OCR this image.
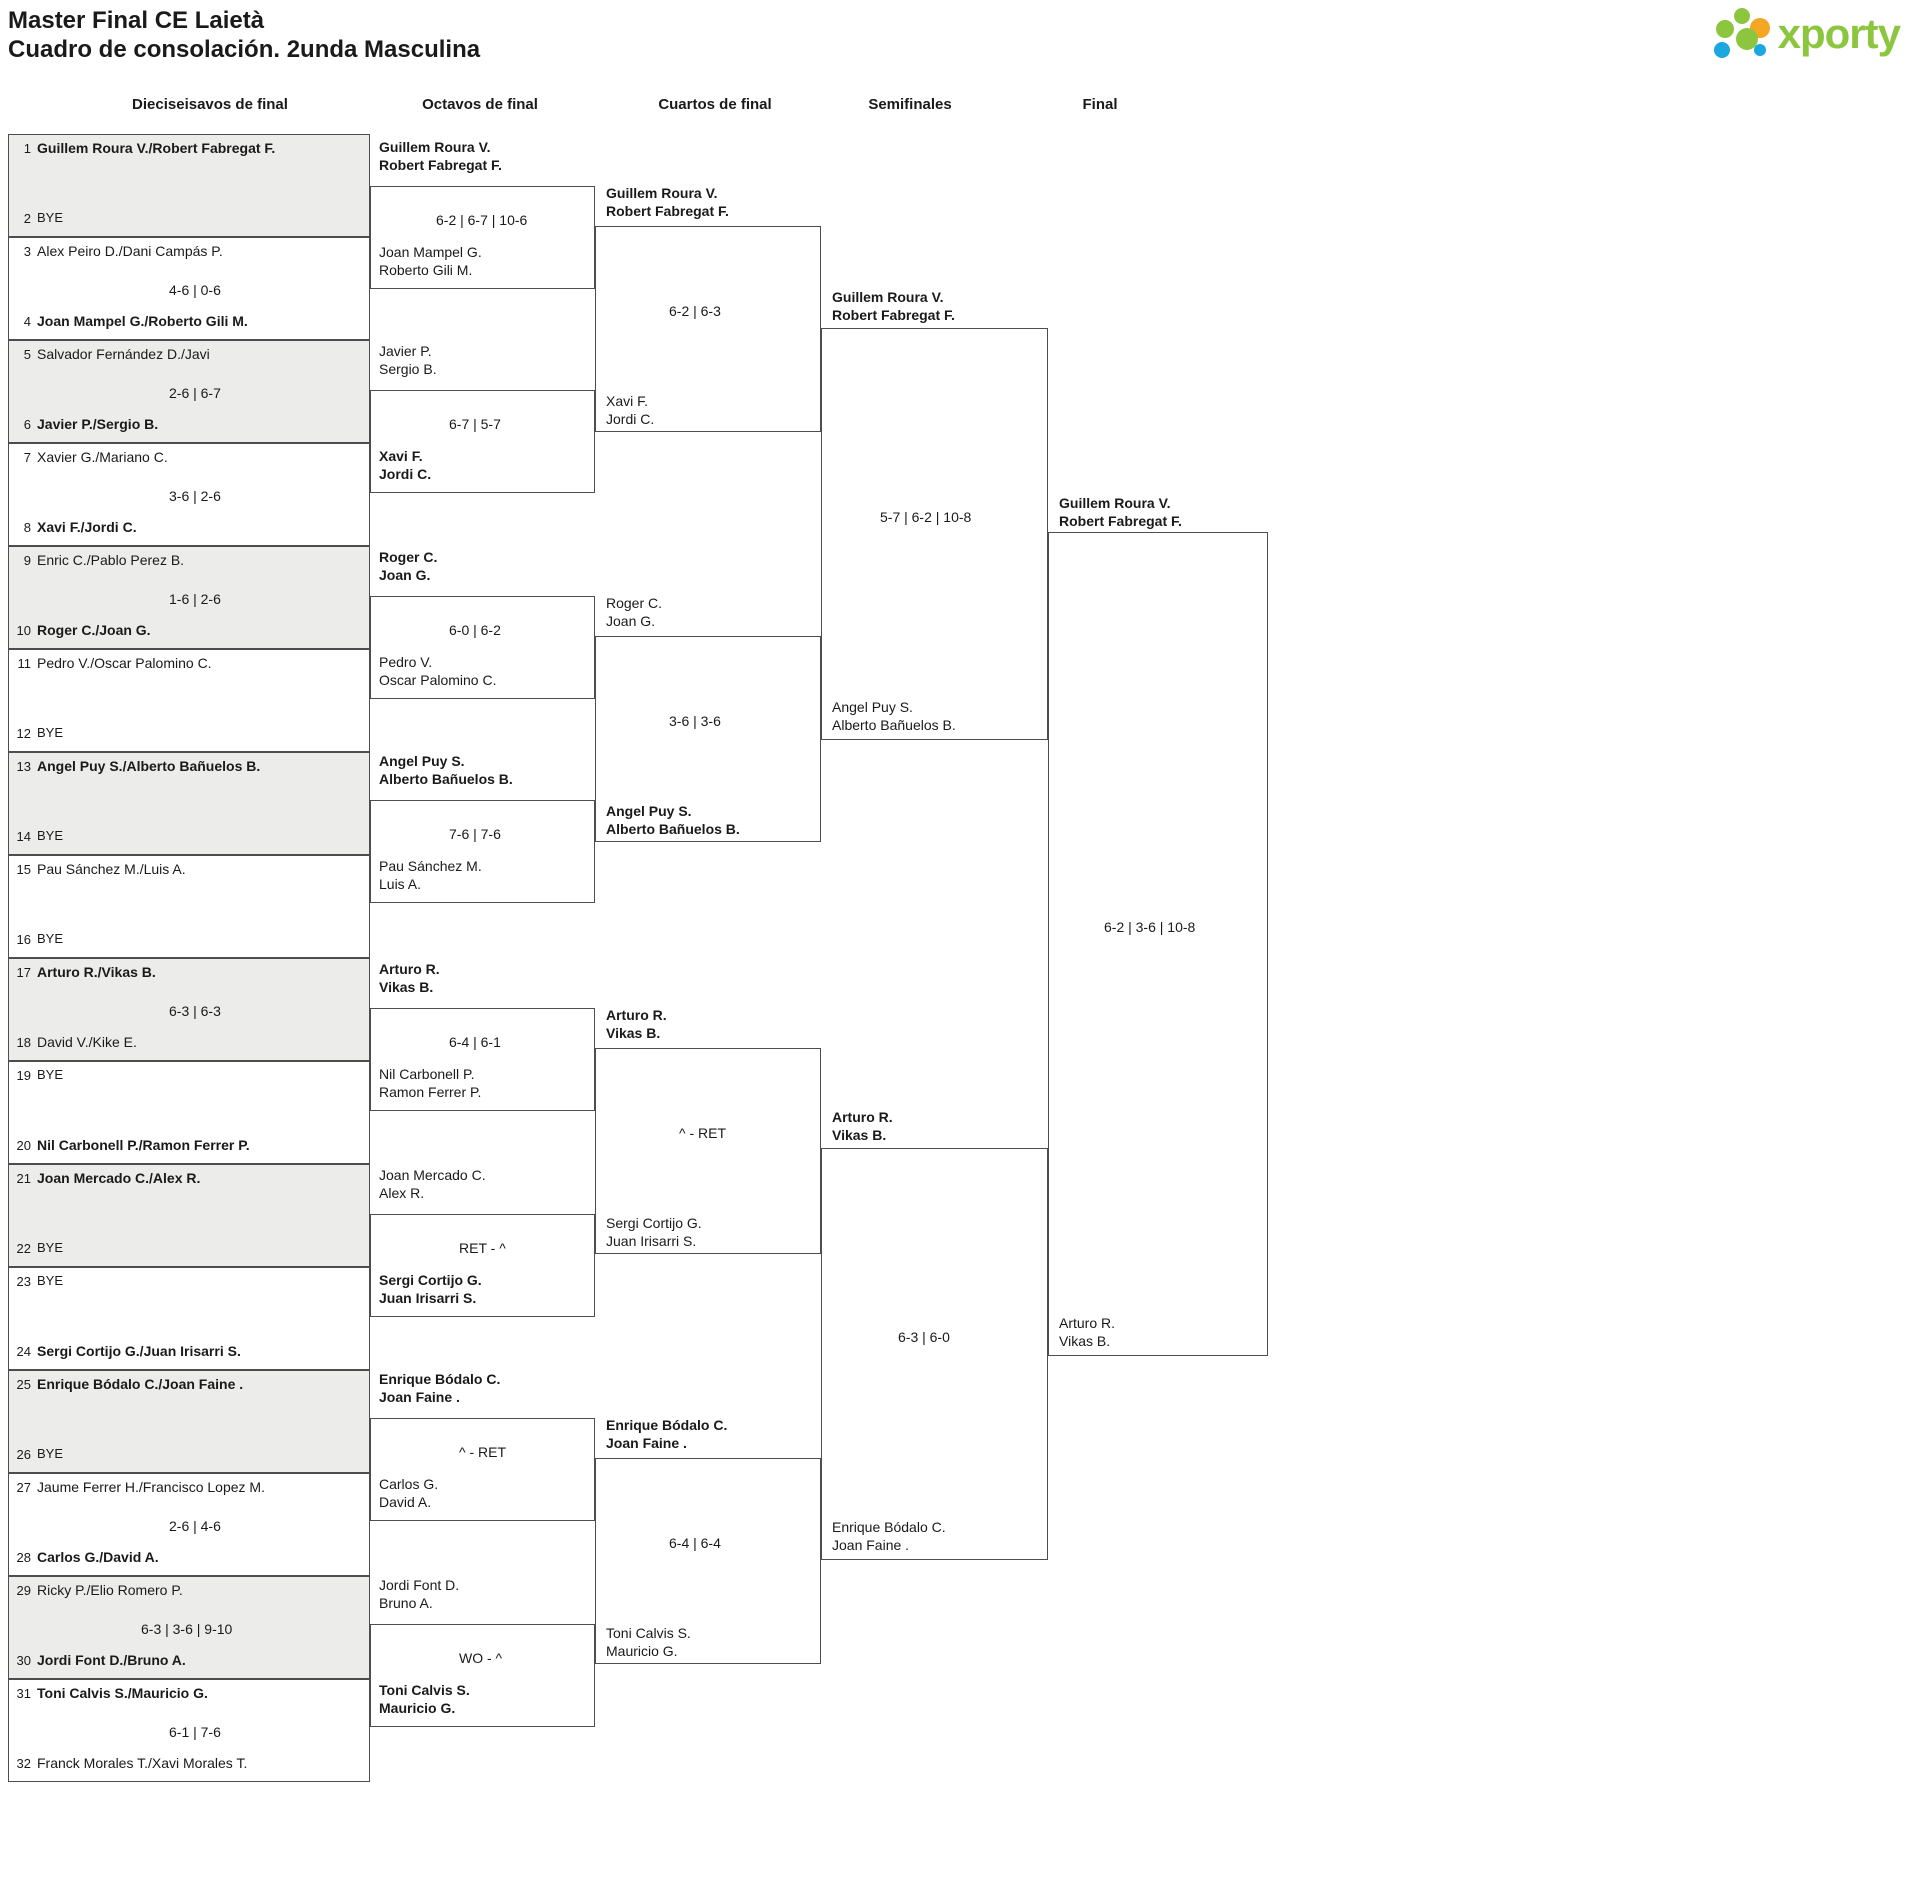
Master Final CE Laietà
Cuadro de consolación. 2unda Masculina	xporty
Dieciseisavos de final	Octavos de final	Cuartos de final	Semifinales	Final
1 Guillem Roura V./Robert Fabregat F.
2 BYE
3 Alex Peiro D./Dani Campás P.
4-6 | 0-6
4 Joan Mampel G./Roberto Gili M.
5 Salvador Fernández D./Javi
2-6 | 6-7
6 Javier P./Sergio B.
7 Xavier G./Mariano C.
3-6 | 2-6
8 Xavi F./Jordi C.
9 Enric C./Pablo Perez B.
1-6 | 2-6
10 Roger C./Joan G.
11 Pedro V./Oscar Palomino C.
12 BYE
13 Angel Puy S./Alberto Bañuelos B.
14 BYE
15 Pau Sánchez M./Luis A.
16 BYE
17 Arturo R./Vikas B.
6-3 | 6-3
18 David V./Kike E.
19 BYE
20 Nil Carbonell P./Ramon Ferrer P.
21 Joan Mercado C./Alex R.
22 BYE
23 BYE
24 Sergi Cortijo G./Juan Irisarri S.
25 Enrique Bódalo C./Joan Faine .
26 BYE
27 Jaume Ferrer H./Francisco Lopez M.
2-6 | 4-6
28 Carlos G./David A.
29 Ricky P./Elio Romero P.
6-3 | 3-6 | 9-10
30 Jordi Font D./Bruno A.
31 Toni Calvis S./Mauricio G.
6-1 | 7-6
32 Franck Morales T./Xavi Morales T.
Guillem Roura V.
Robert Fabregat F.
6-2 | 6-7 | 10-6
Joan Mampel G.
Roberto Gili M.
Javier P.
Sergio B.
6-7 | 5-7
Xavi F.
Jordi C.
Roger C.
Joan G.
6-0 | 6-2
Pedro V.
Oscar Palomino C.
Angel Puy S.
Alberto Bañuelos B.
7-6 | 7-6
Pau Sánchez M.
Luis A.
Arturo R.
Vikas B.
6-4 | 6-1
Nil Carbonell P.
Ramon Ferrer P.
Joan Mercado C.
Alex R.
RET - ^
Sergi Cortijo G.
Juan Irisarri S.
Enrique Bódalo C.
Joan Faine .
^ - RET
Carlos G.
David A.
Jordi Font D.
Bruno A.
WO - ^
Toni Calvis S.
Mauricio G.
Guillem Roura V.
Robert Fabregat F.
6-2 | 6-3
Xavi F.
Jordi C.
Roger C.
Joan G.
3-6 | 3-6
Angel Puy S.
Alberto Bañuelos B.
Arturo R.
Vikas B.
^ - RET
Sergi Cortijo G.
Juan Irisarri S.
Enrique Bódalo C.
Joan Faine .
6-4 | 6-4
Toni Calvis S.
Mauricio G.
Guillem Roura V.
Robert Fabregat F.
5-7 | 6-2 | 10-8
Angel Puy S.
Alberto Bañuelos B.
Arturo R.
Vikas B.
6-3 | 6-0
Enrique Bódalo C.
Joan Faine .
Guillem Roura V.
Robert Fabregat F.
6-2 | 3-6 | 10-8
Arturo R.
Vikas B.
